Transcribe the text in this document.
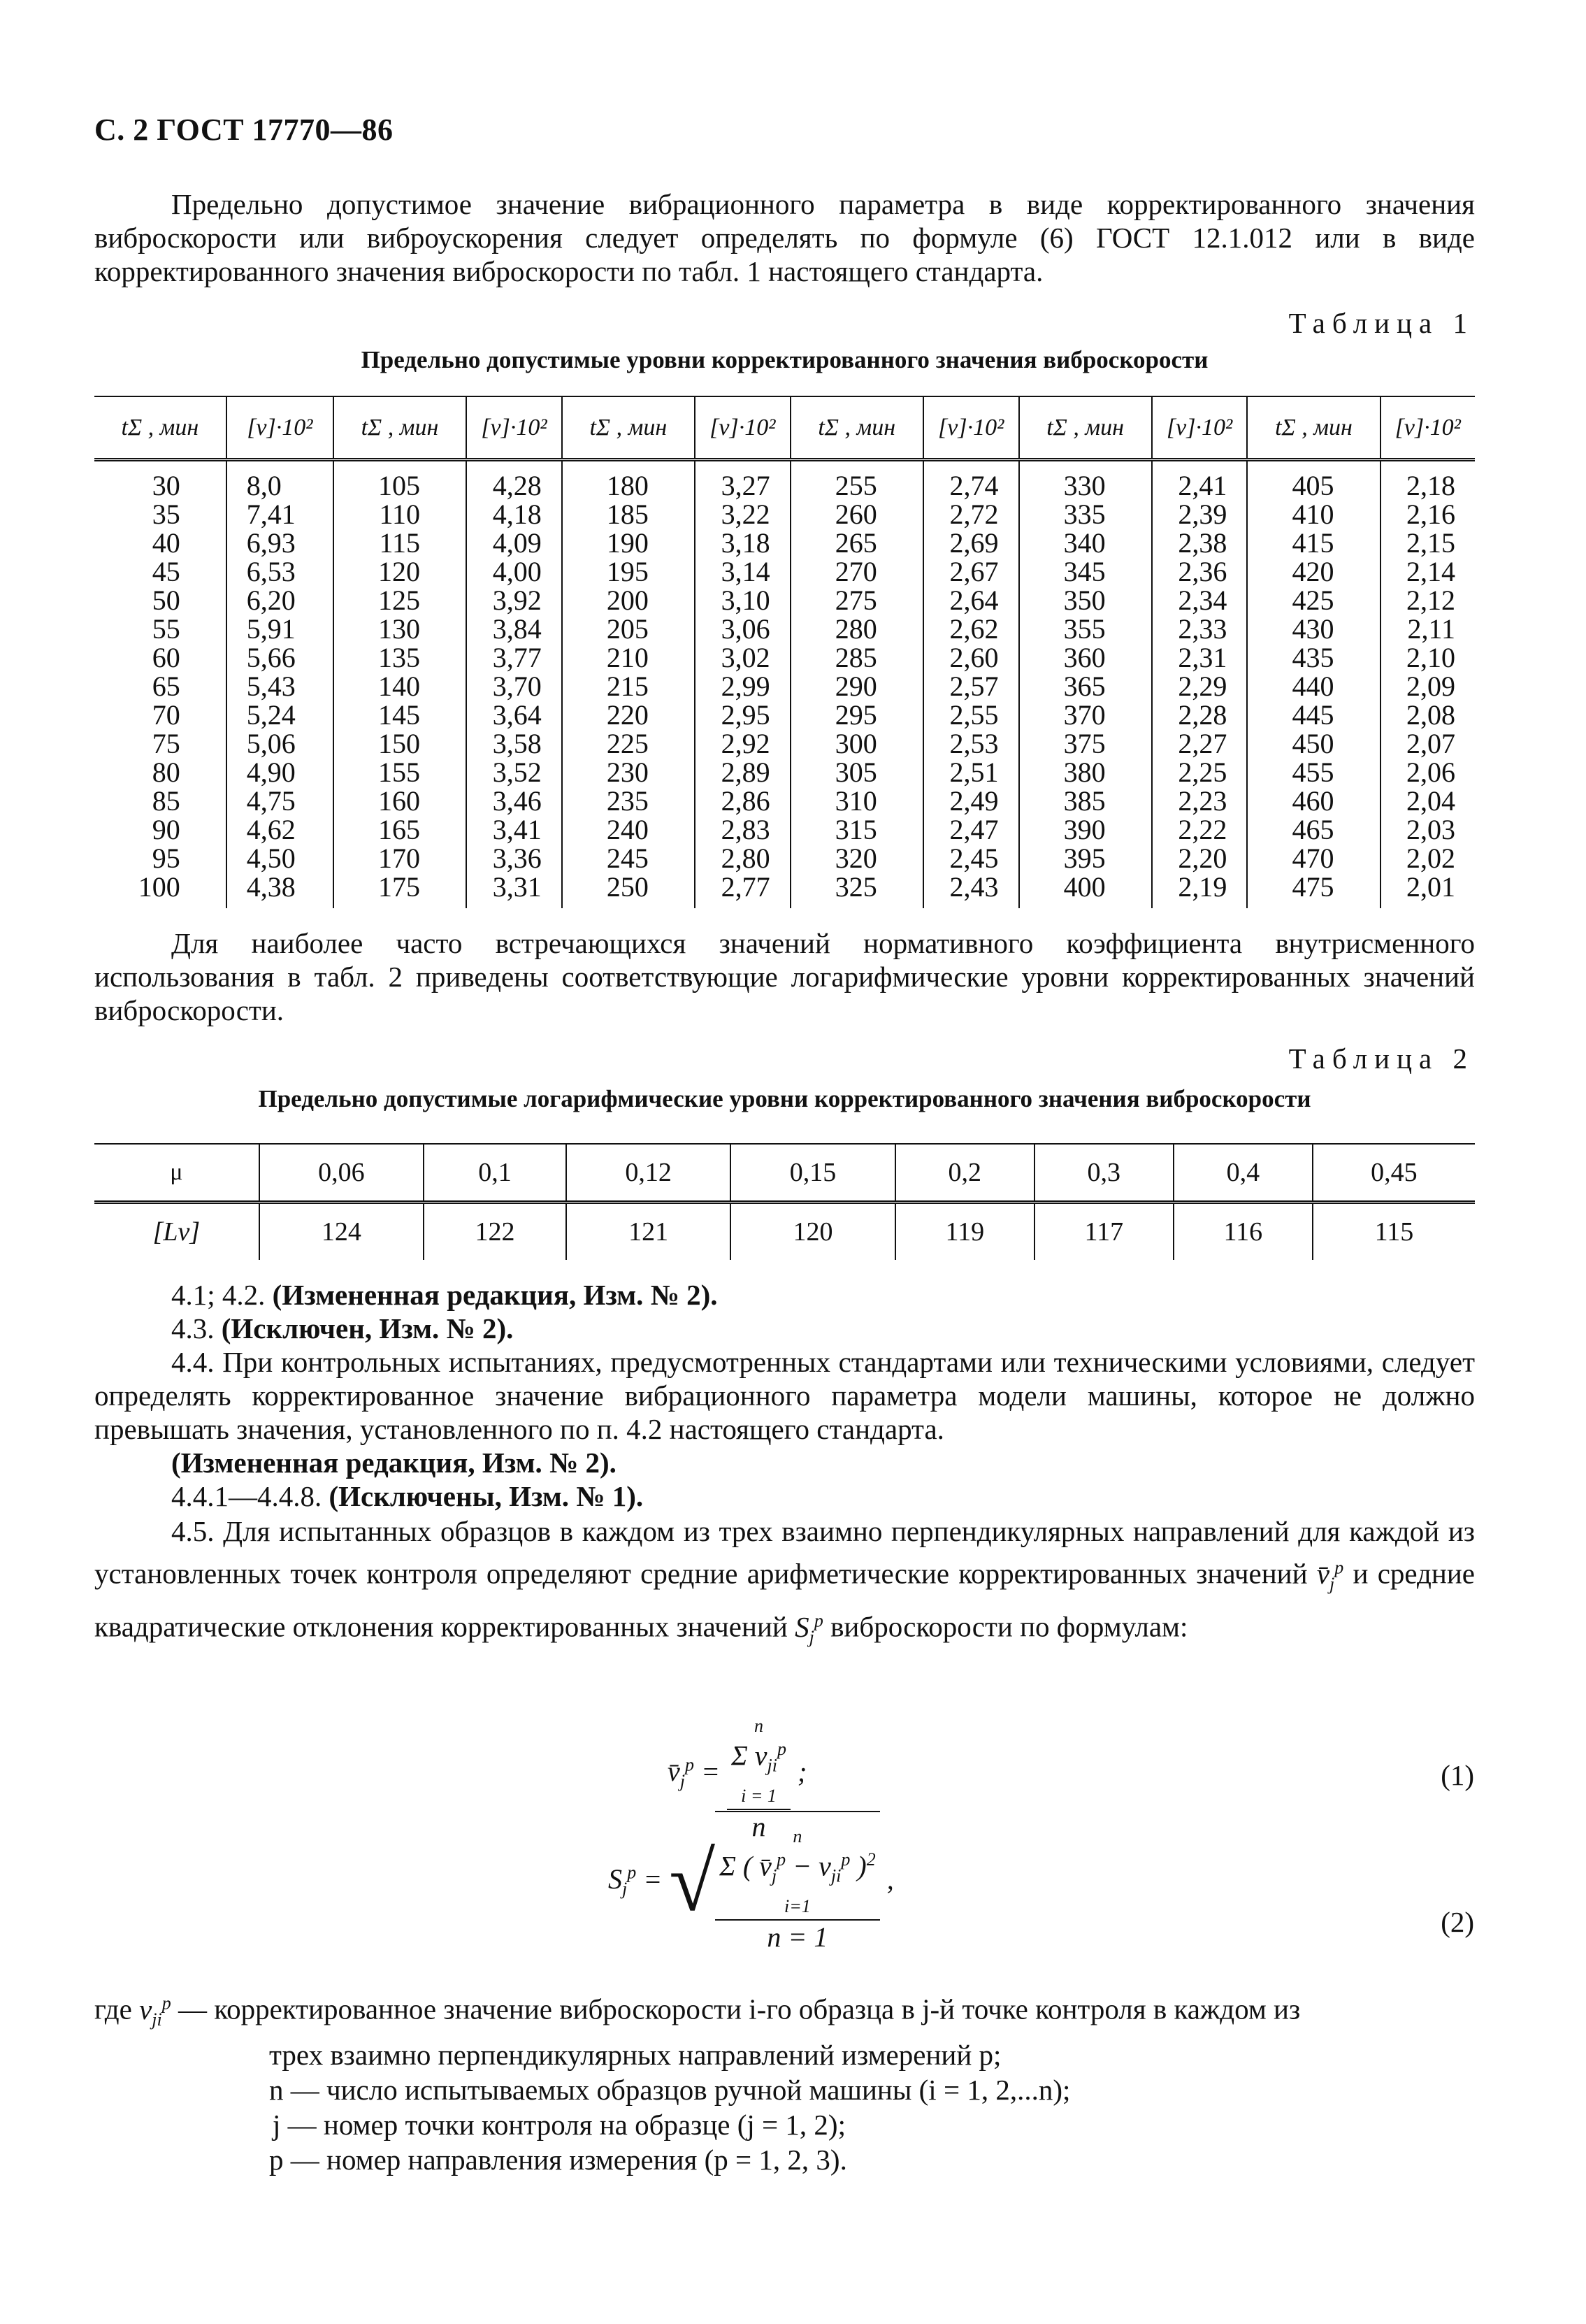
С. 2 ГОСТ 17770—86
Предельно допустимое значение вибрационного параметра в виде корректированного значения виброскорости или виброускорения следует определять по формуле (6) ГОСТ 12.1.012 или в виде корректированного значения виброскорости по табл. 1 настоящего стандарта.
Таблица 1
Предельно допустимые уровни корректированного значения виброскорости
tΣ , мин	[v]·10²	tΣ , мин	[v]·10²	tΣ , мин	[v]·10²	tΣ , мин	[v]·10²	tΣ , мин	[v]·10²	tΣ , мин	[v]·10²
30	8,0	105	4,28	180	3,27	255	2,74	330	2,41	405	2,18
35	7,41	110	4,18	185	3,22	260	2,72	335	2,39	410	2,16
40	6,93	115	4,09	190	3,18	265	2,69	340	2,38	415	2,15
45	6,53	120	4,00	195	3,14	270	2,67	345	2,36	420	2,14
50	6,20	125	3,92	200	3,10	275	2,64	350	2,34	425	2,12
55	5,91	130	3,84	205	3,06	280	2,62	355	2,33	430	2,11
60	5,66	135	3,77	210	3,02	285	2,60	360	2,31	435	2,10
65	5,43	140	3,70	215	2,99	290	2,57	365	2,29	440	2,09
70	5,24	145	3,64	220	2,95	295	2,55	370	2,28	445	2,08
75	5,06	150	3,58	225	2,92	300	2,53	375	2,27	450	2,07
80	4,90	155	3,52	230	2,89	305	2,51	380	2,25	455	2,06
85	4,75	160	3,46	235	2,86	310	2,49	385	2,23	460	2,04
90	4,62	165	3,41	240	2,83	315	2,47	390	2,22	465	2,03
95	4,50	170	3,36	245	2,80	320	2,45	395	2,20	470	2,02
100	4,38	175	3,31	250	2,77	325	2,43	400	2,19	475	2,01
Для наиболее часто встречающихся значений нормативного коэффициента внутрисменного использования в табл. 2 приведены соответствующие логарифмические уровни корректированных значений виброскорости.
Таблица 2
Предельно допустимые логарифмические уровни корректированного значения виброскорости
μ	0,06	0,1	0,12	0,15	0,2	0,3	0,4	0,45
[Lv]	124	122	121	120	119	117	116	115
4.1; 4.2. (Измененная редакция, Изм. № 2).
4.3. (Исключен, Изм. № 2).
4.4. При контрольных испытаниях, предусмотренных стандартами или техническими условиями, следует определять корректированное значение вибрационного параметра модели машины, которое не должно превышать значения, установленного по п. 4.2 настоящего стандарта.
(Измененная редакция, Изм. № 2).
4.4.1—4.4.8. (Исключены, Изм. № 1).
4.5. Для испытанных образцов в каждом из трех взаимно перпендикулярных направлений для каждой из установленных точек контроля определяют средние арифметические корректированных значений $v̄_j^p$ и средние квадратические отклонения корректированных значений $S_j^p$ виброскорости по формулам:
$v̄_j^p$ =
n
Σ $v_{ji}^p$
i = 1
n
;	(1)
$S_j^p$ = √	n
Σ ( $v̄_j^p - v_{ji}^p$ )$^2$
i=1
n = 1
,
(2)
где $v_{ji}^p$ — корректированное значение виброскорости i-го образца в j-й точке контроля в каждом из
трех взаимно перпендикулярных направлений измерений p;
n — число испытываемых образцов ручной машины (i = 1, 2,...n);
j — номер точки контроля на образце (j = 1, 2);
p — номер направления измерения (p = 1, 2, 3).
